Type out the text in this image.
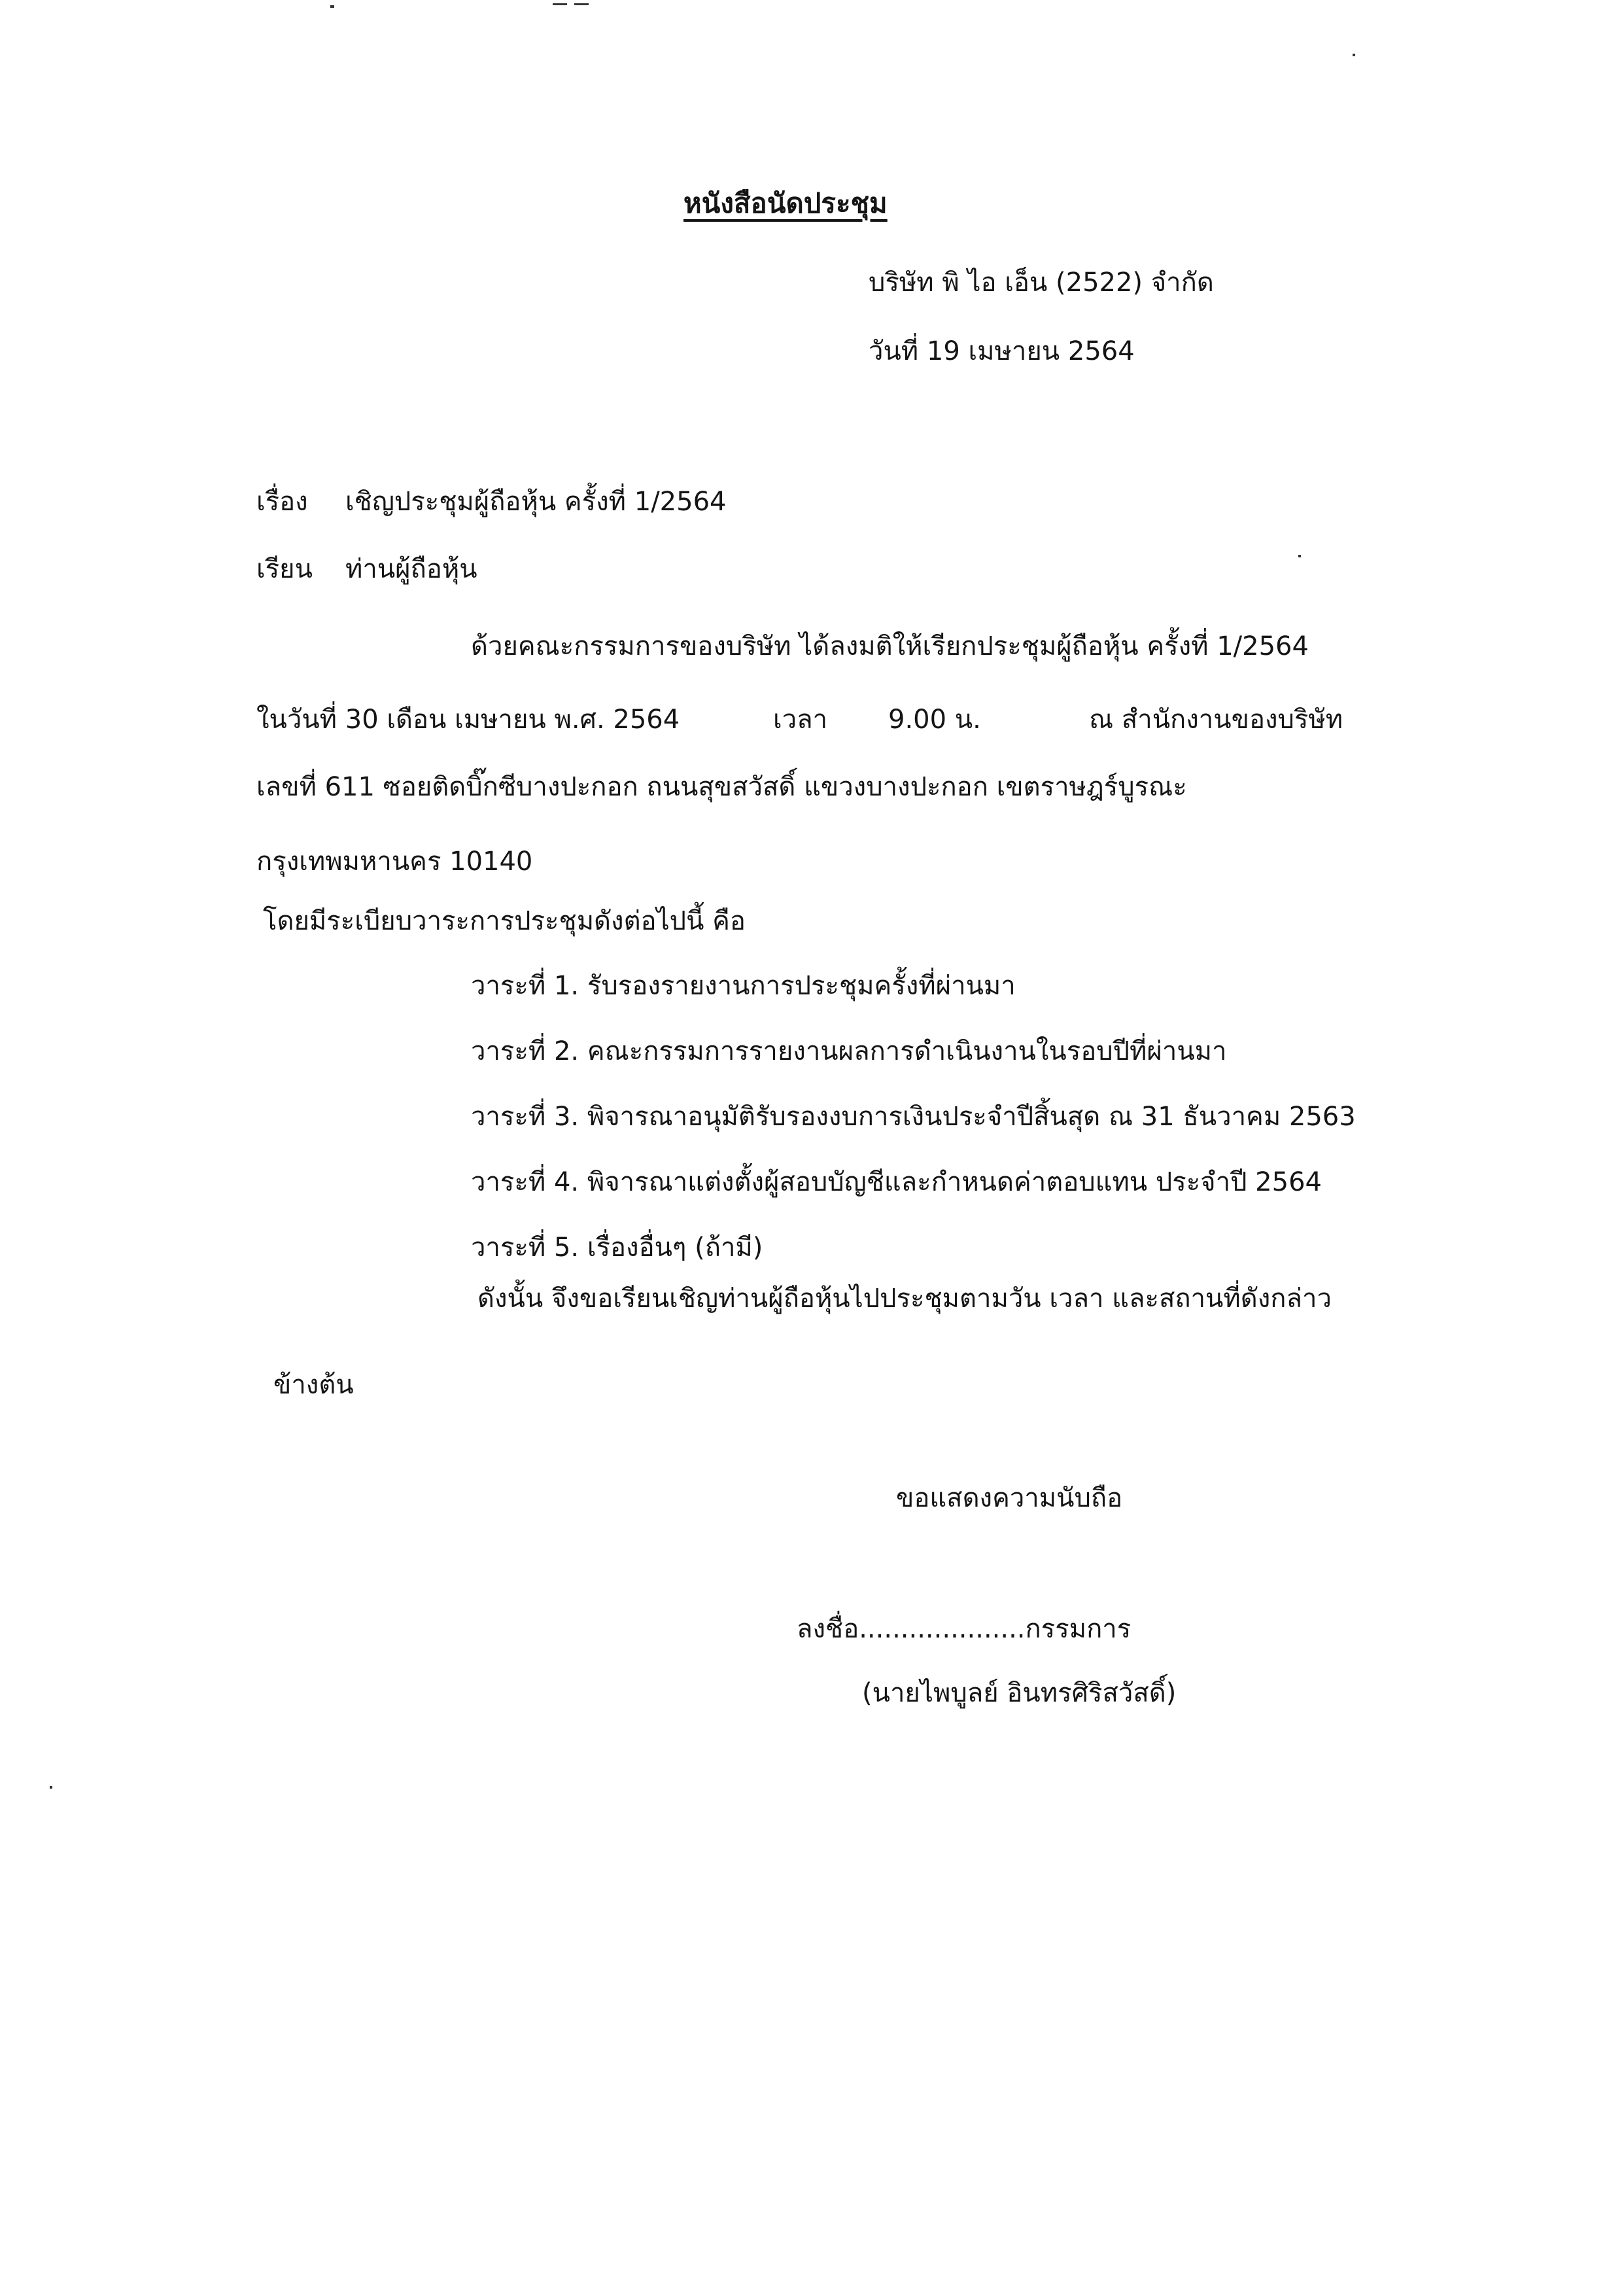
หนังสือนัดประชุม
บริษัท พิ ไอ เอ็น (2522) จำกัด
วันที่ 19 เมษายน 2564
เรื่อง เชิญประชุมผู้ถือหุ้น ครั้งที่ 1/2564
เรียน ท่านผู้ถือหุ้น
ด้วยคณะกรรมการของบริษัท ได้ลงมติให้เรียกประชุมผู้ถือหุ้น ครั้งที่ 1/2564
ในวันที่ 30 เดือน เมษายน พ.ศ. 2564	เวลา 9.00 น.	ณ สำนักงานของบริษัท
เลขที่ 611 ซอยติดบิ๊กซีบางปะกอก ถนนสุขสวัสดิ์ แขวงบางปะกอก เขตราษฎร์บูรณะ
กรุงเทพมหานคร 10140
โดยมีระเบียบวาระการประชุมดังต่อไปนี้ คือ
วาระที่ 1. รับรองรายงานการประชุมครั้งที่ผ่านมา
วาระที่ 2. คณะกรรมการรายงานผลการดำเนินงานในรอบปีที่ผ่านมา
วาระที่ 3. พิจารณาอนุมัติรับรองงบการเงินประจำปีสิ้นสุด ณ 31 ธันวาคม 2563
วาระที่ 4. พิจารณาแต่งตั้งผู้สอบบัญชีและกำหนดค่าตอบแทน ประจำปี 2564
วาระที่ 5. เรื่องอื่นๆ (ถ้ามี)
ดังนั้น จึงขอเรียนเชิญท่านผู้ถือหุ้นไปประชุมตามวัน เวลา และสถานที่ดังกล่าว
ข้างต้น
ขอแสดงความนับถือ
ลงชื่อ....................กรรมการ
(นายไพบูลย์ อินทรศิริสวัสดิ์)
